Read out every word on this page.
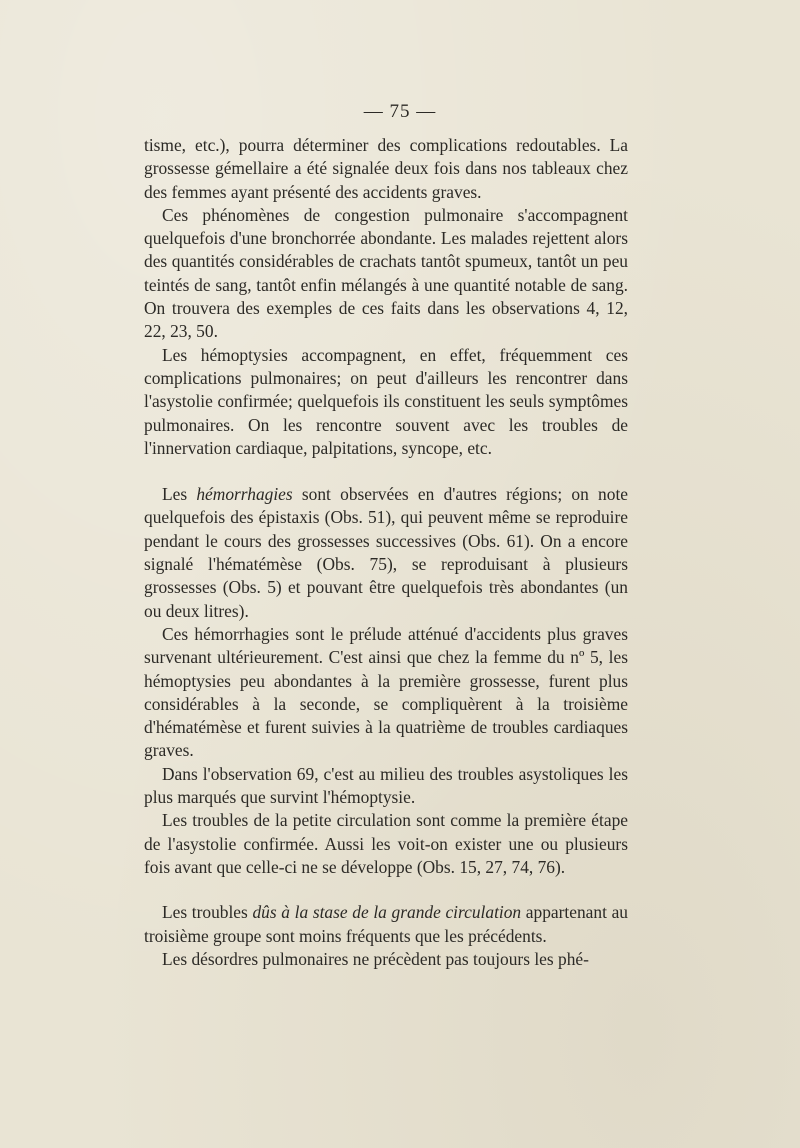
— 75 —

tisme, etc.), pourra déterminer des complications redoutables. La grossesse gémellaire a été signalée deux fois dans nos tableaux chez des femmes ayant présenté des accidents graves.

Ces phénomènes de congestion pulmonaire s'accompagnent quelquefois d'une bronchorrée abondante. Les malades rejettent alors des quantités considérables de crachats tantôt spumeux, tantôt un peu teintés de sang, tantôt enfin mélangés à une quantité notable de sang. On trouvera des exemples de ces faits dans les observations 4, 12, 22, 23, 50.

Les hémoptysies accompagnent, en effet, fréquemment ces complications pulmonaires; on peut d'ailleurs les rencontrer dans l'asystolie confirmée; quelquefois ils constituent les seuls symptômes pulmonaires. On les rencontre souvent avec les troubles de l'innervation cardiaque, palpitations, syncope, etc.

Les hémorrhagies sont observées en d'autres régions; on note quelquefois des épistaxis (Obs. 51), qui peuvent même se reproduire pendant le cours des grossesses successives (Obs. 61). On a encore signalé l'hématémèse (Obs. 75), se reproduisant à plusieurs grossesses (Obs. 5) et pouvant être quelquefois très abondantes (un ou deux litres).

Ces hémorrhagies sont le prélude atténué d'accidents plus graves survenant ultérieurement. C'est ainsi que chez la femme du nº 5, les hémoptysies peu abondantes à la première grossesse, furent plus considérables à la seconde, se compliquèrent à la troisième d'hématémèse et furent suivies à la quatrième de troubles cardiaques graves.

Dans l'observation 69, c'est au milieu des troubles asystoliques les plus marqués que survint l'hémoptysie.

Les troubles de la petite circulation sont comme la première étape de l'asystolie confirmée. Aussi les voit-on exister une ou plusieurs fois avant que celle-ci ne se développe (Obs. 15, 27, 74, 76).

Les troubles dûs à la stase de la grande circulation appartenant au troisième groupe sont moins fréquents que les précédents.

Les désordres pulmonaires ne précèdent pas toujours les phé-
